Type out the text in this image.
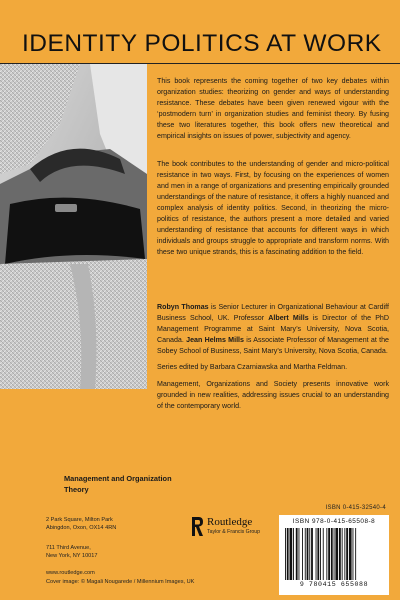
IDENTITY POLITICS AT WORK
This book represents the coming together of two key debates within organization studies: theorizing on gender and ways of understanding resistance. These debates have been given renewed vigour with the ‘postmodern turn’ in organization studies and feminist theory. By fusing these two literatures together, this book offers new theoretical and empirical insights on issues of power, subjectivity and agency.
The book contributes to the understanding of gender and micro-political resistance in two ways. First, by focusing on the experiences of women and men in a range of organizations and presenting empirically grounded understandings of the nature of resistance, it offers a highly nuanced and complex analysis of identity politics. Second, in theorizing the micro-politics of resistance, the authors present a more detailed and varied understanding of resistance that accounts for different ways in which individuals and groups struggle to appropriate and transform norms. With these two unique strands, this is a fascinating addition to the field.
Robyn Thomas is Senior Lecturer in Organizational Behaviour at Cardiff Business School, UK. Professor Albert Mills is Director of the PhD Management Programme at Saint Mary’s University, Nova Scotia, Canada. Jean Helms Mills is Associate Professor of Management at the Sobey School of Business, Saint Mary’s University, Nova Scotia, Canada.
Series edited by Barbara Czarniawska and Martha Feldman.
Management, Organizations and Society presents innovative work grounded in new realities, addressing issues crucial to an understanding of the contemporary world.
Management and Organization Theory
2 Park Square, Milton Park
Abingdon, Oxon, OX14 4RN
711 Third Avenue,
New York, NY 10017
www.routledge.com
Cover image: © Magali Nougarede / Millennium Images, UK
Routledge
Taylor & Francis Group
ISBN 0-415-32540-4
ISBN 978-0-415-65508-8
9 780415 655088
